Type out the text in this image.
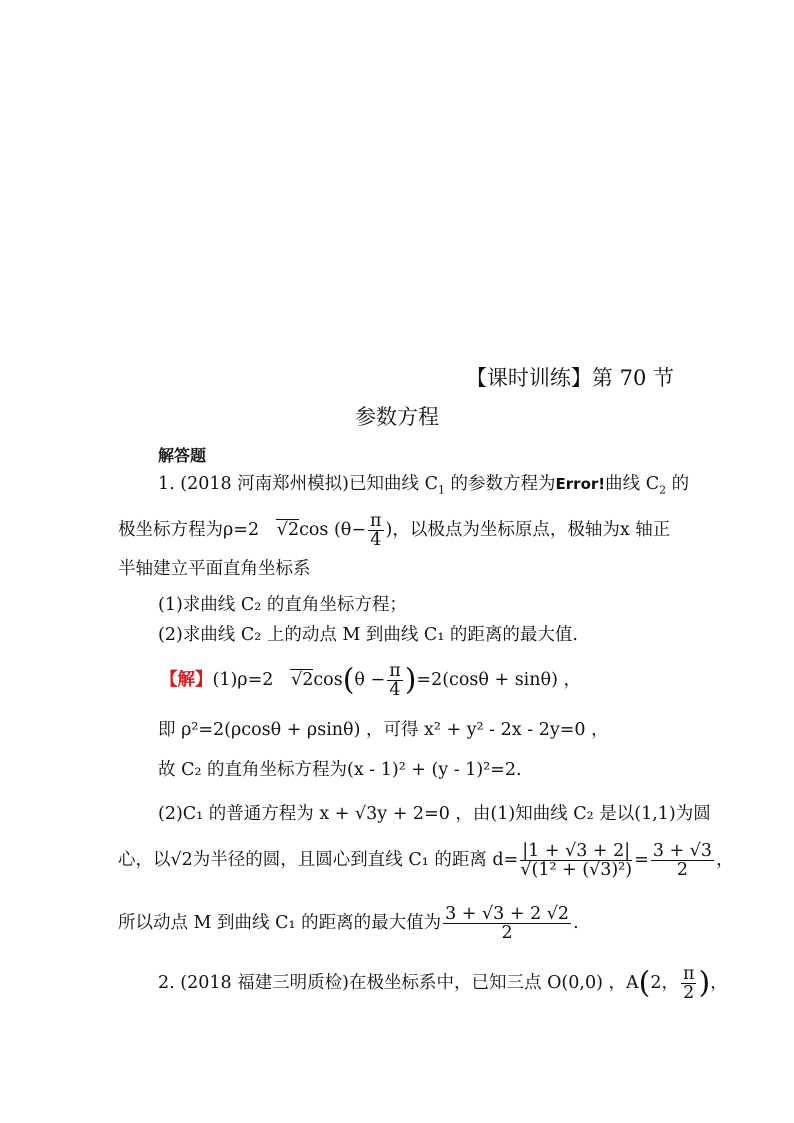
【课时训练】第 70 节
参数方程
解答题
1. (2018 河南郑州模拟)已知曲线 $C_1$ 的参数方程为Error!曲线 $C_2$ 的
极坐标方程为ρ=2 √2cos ($\theta- \frac{\pi}{4}$ )，以极点为坐标原点，极轴为x 轴正
半轴建立平面直角坐标系
(1)求曲线 C₂ 的直角坐标方程；
(2)求曲线 C₂ 上的动点 M 到曲线 C₁ 的距离的最大值.
【解】(1)ρ=2 $√2\cos(\theta - \frac{\pi}{4} )=2(\cos\theta + \sin\theta)$ ，
即 ρ²=2(ρcosθ + ρsinθ) ，可得 x² + y² - 2x - 2y=0 ，
故 C₂ 的直角坐标方程为(x - 1)² + (y - 1)²=2.
(2)C₁ 的普通方程为 x + √3y + 2=0 ，由(1)知曲线 C₂ 是以(1,1)为圆
心，以√2为半径的圆，且圆心到直线 C₁ 的距离 $d= \frac{|1 + √3 + 2|}{\text{√(1² + (√3)²)}} = \frac{3 + √3}{2}$ ，
所以动点 M 到曲线 C₁ 的距离的最大值为 $\frac{3 + √3 + 2 √2}{2}$ .
2. (2018 福建三明质检)在极坐标系中，已知三点 O(0,0) ，A(2， $\frac{\pi}{2}$ )，
